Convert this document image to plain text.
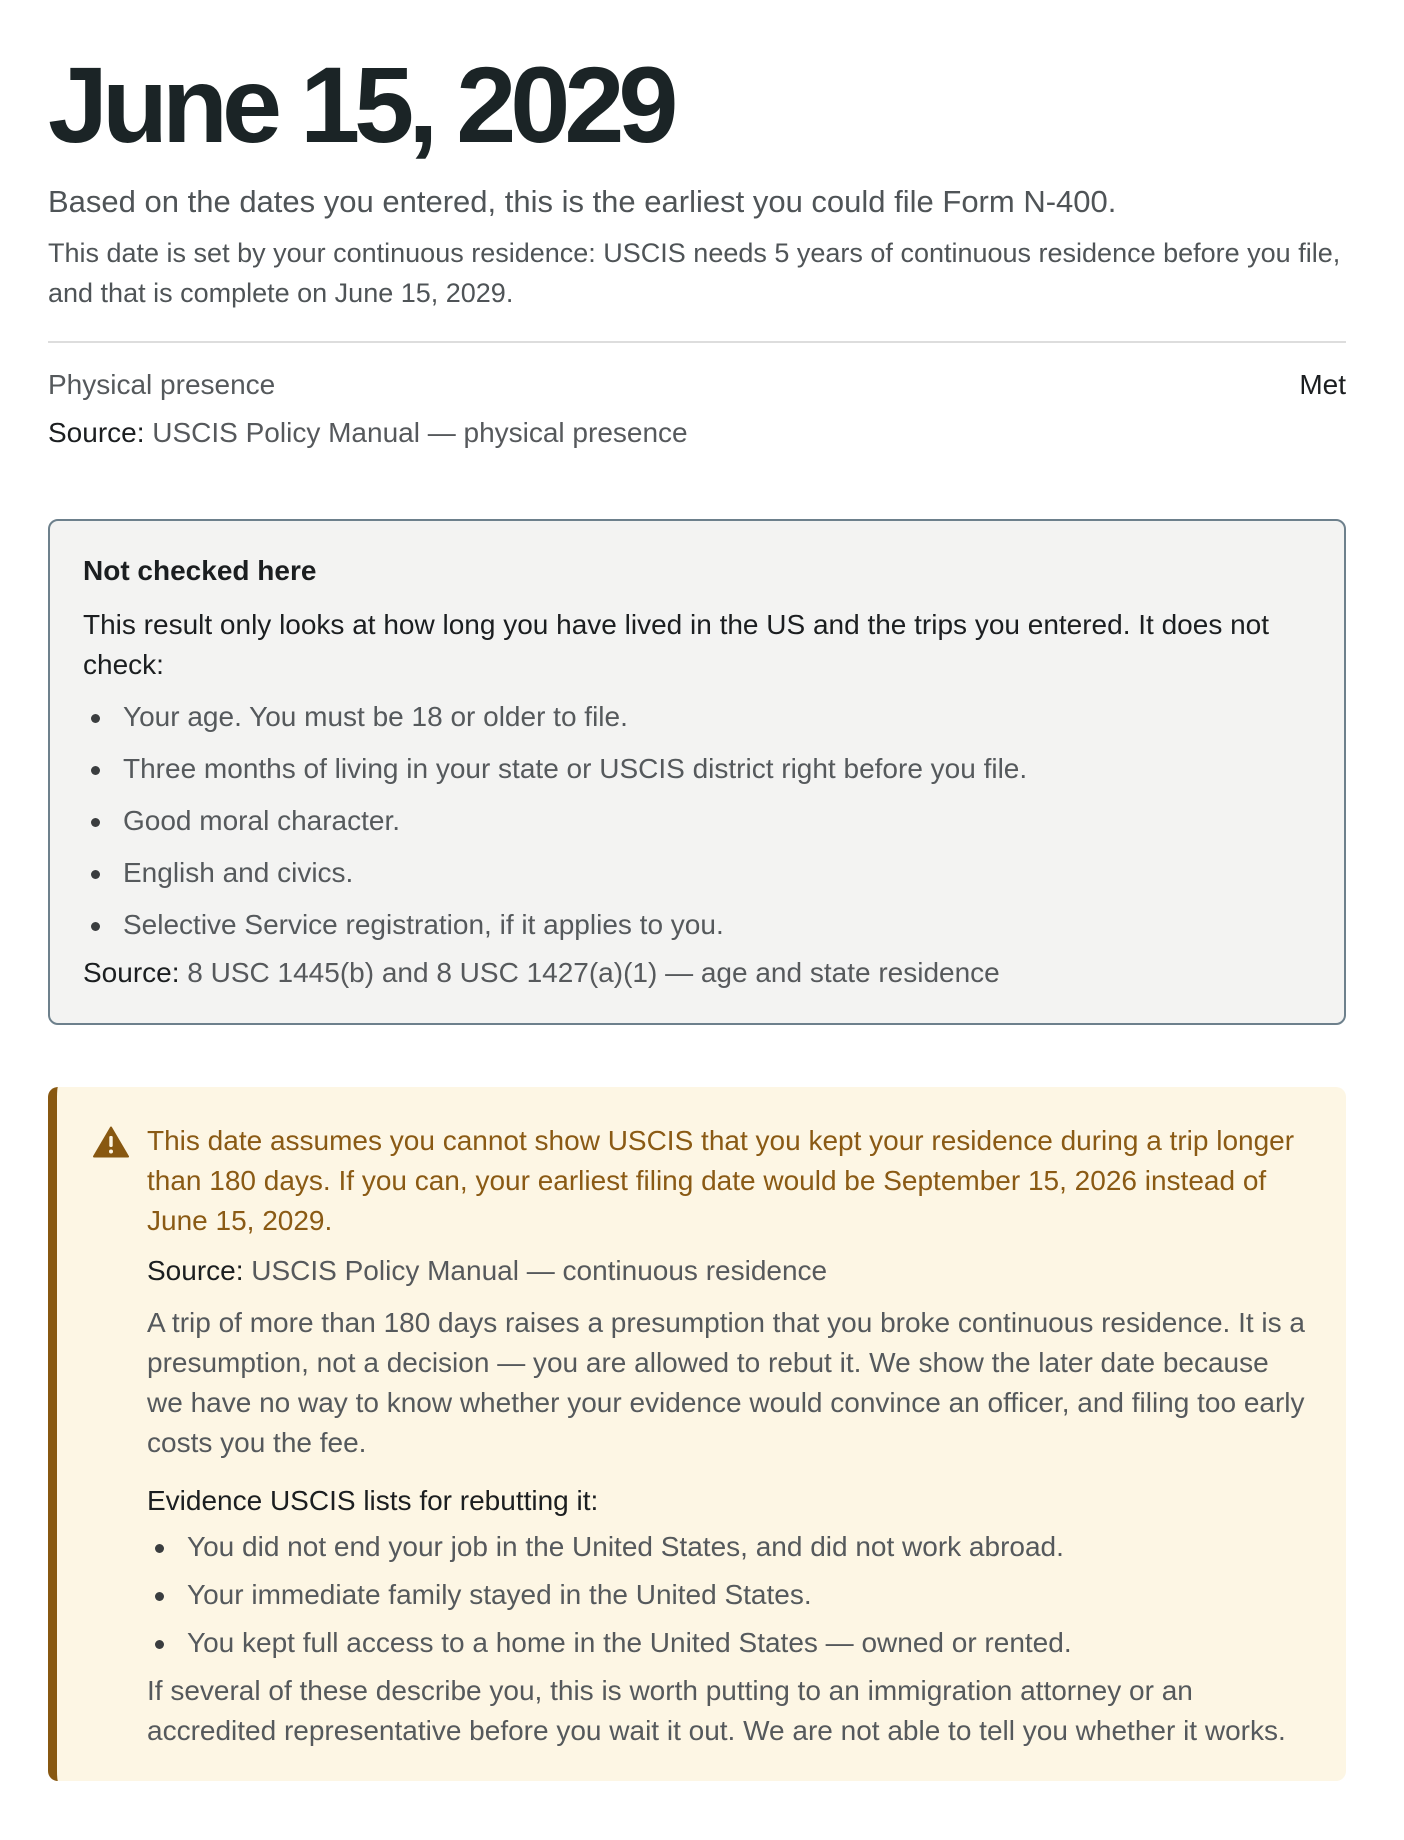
June 15, 2029

Based on the dates you entered, this is the earliest you could file Form N-400.

This date is set by your continuous residence: USCIS needs 5 years of continuous residence before you file, and that is complete on June 15, 2029.

Physical presence	Met
Source: USCIS Policy Manual — physical presence
Not checked here

This result only looks at how long you have lived in the US and the trips you entered. It does not check:

Your age. You must be 18 or older to file.
Three months of living in your state or USCIS district right before you file.
Good moral character.
English and civics.
Selective Service registration, if it applies to you.
Source: 8 USC 1445(b) and 8 USC 1427(a)(1) — age and state residence

This date assumes you cannot show USCIS that you kept your residence during a trip longer than 180 days. If you can, your earliest filing date would be September 15, 2026 instead of June 15, 2029.

Source: USCIS Policy Manual — continuous residence

A trip of more than 180 days raises a presumption that you broke continuous residence. It is a presumption, not a decision — you are allowed to rebut it. We show the later date because we have no way to know whether your evidence would convince an officer, and filing too early costs you the fee.

Evidence USCIS lists for rebutting it:
You did not end your job in the United States, and did not work abroad.
Your immediate family stayed in the United States.
You kept full access to a home in the United States — owned or rented.

If several of these describe you, this is worth putting to an immigration attorney or an accredited representative before you wait it out. We are not able to tell you whether it works.
